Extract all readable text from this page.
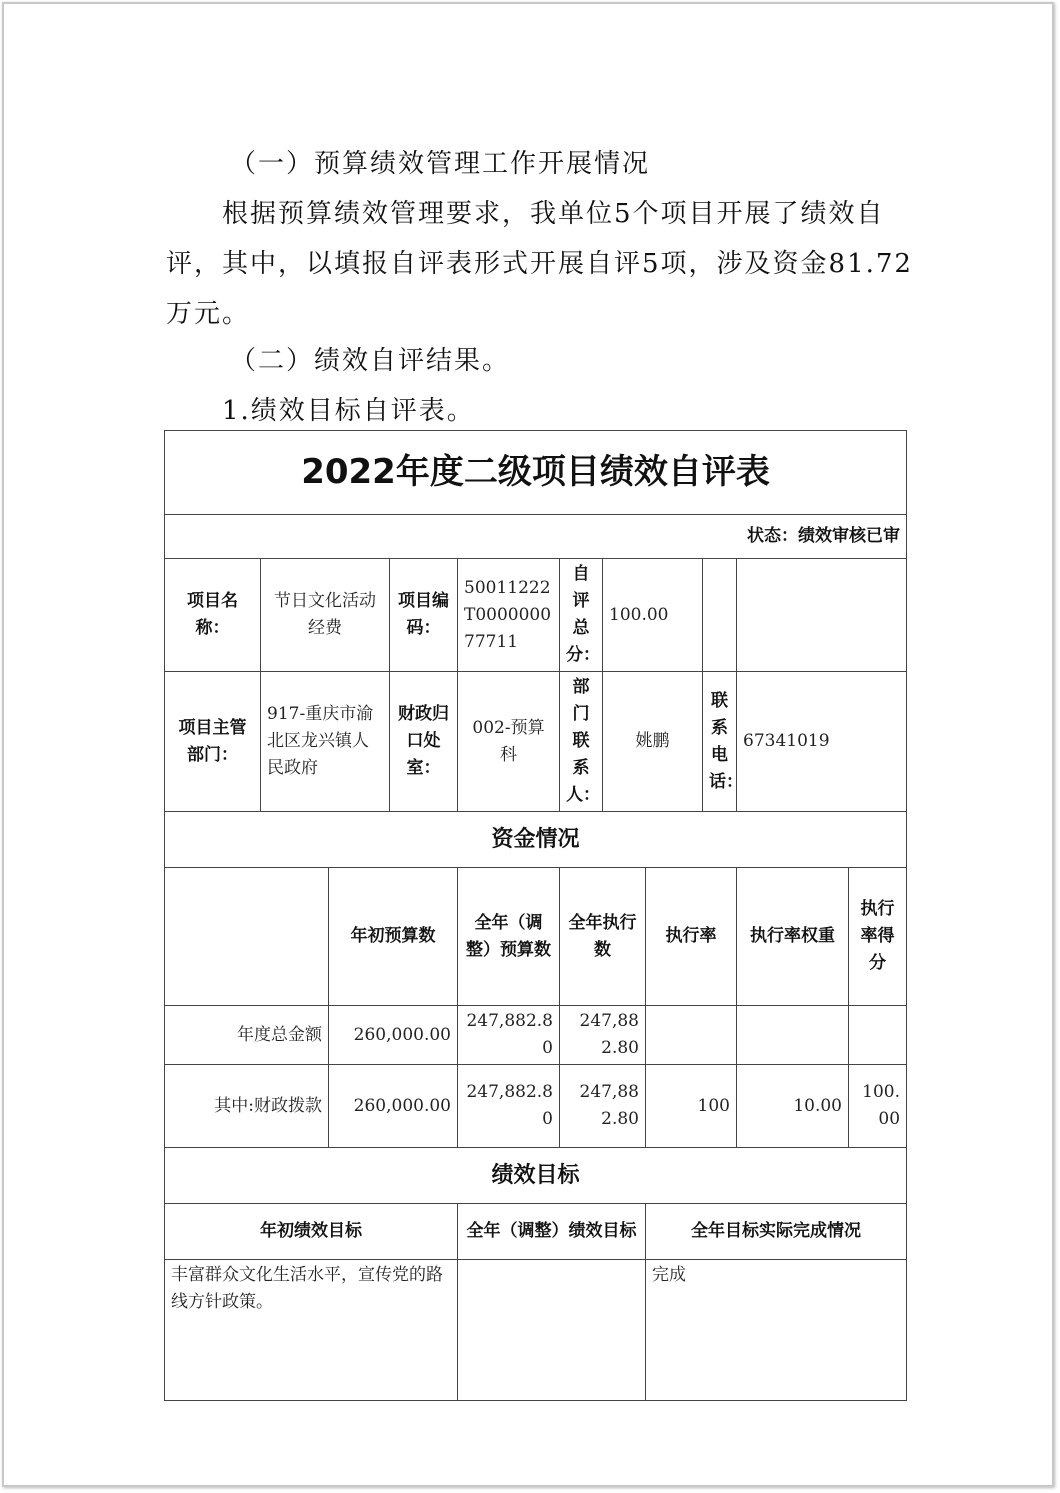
（一）预算绩效管理工作开展情况
根据预算绩效管理要求，我单位5个项目开展了绩效自
评，其中，以填报自评表形式开展自评5项，涉及资金81.72
万元。
（二）绩效自评结果。
1.绩效目标自评表。
2022年度二级项目绩效自评表										
状态：绩效审核已审										
项目名称：	节日文化活动经费		项目编码：	50011222T000000077711	自评总分：	100.00				
项目主管部门：	917-重庆市渝北区龙兴镇人民政府		财政归口处室：	002-预算科	部门联系人：	姚鹏		联系电话：	67341019	
资金情况										
		年初预算数		全年（调整）预算数	全年执行数		执行率		执行率权重	执行率得分
年度总金额		260,000.00		247,882.80	247,882.80					
其中:财政拨款		260,000.00		247,882.80	247,882.80		100		10.00	100.00
绩效目标										
年初绩效目标				全年（调整）绩效目标			全年目标实际完成情况			
丰富群众文化生活水平，宣传党的路线方针政策。							完成			
